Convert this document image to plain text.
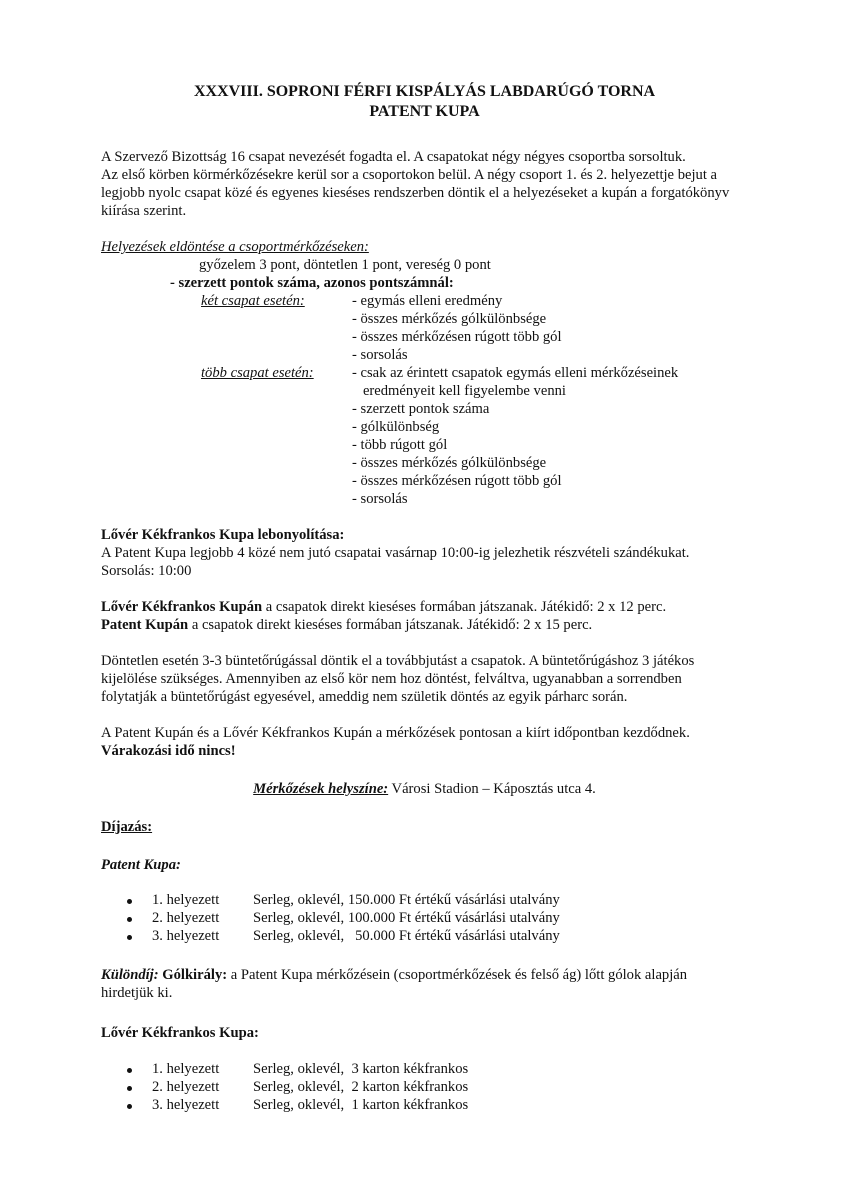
XXXVIII. SOPRONI FÉRFI KISPÁLYÁS LABDARÚGÓ TORNA
PATENT KUPA
A Szervező Bizottság 16 csapat nevezését fogadta el. A csapatokat négy négyes csoportba sorsoltuk.
Az első körben körmérkőzésekre kerül sor a csoportokon belül. A négy csoport 1. és 2. helyezettje bejut a
legjobb nyolc csapat közé és egyenes kieséses rendszerben döntik el a helyezéseket a kupán a forgatókönyv
kiírása szerint.
Helyezések eldöntése a csoportmérkőzéseken:
győzelem 3 pont, döntetlen 1 pont, vereség 0 pont
- szerzett pontok száma, azonos pontszámnál:
két csapat esetén:	- egymás elleni eredmény
- összes mérkőzés gólkülönbsége
- összes mérkőzésen rúgott több gól
- sorsolás
több csapat esetén:	- csak az érintett csapatok egymás elleni mérkőzéseinek
eredményeit kell figyelembe venni
- szerzett pontok száma
- gólkülönbség
- több rúgott gól
- összes mérkőzés gólkülönbsége
- összes mérkőzésen rúgott több gól
- sorsolás
Lővér Kékfrankos Kupa lebonyolítása:
A Patent Kupa legjobb 4 közé nem jutó csapatai vasárnap 10:00-ig jelezhetik részvételi szándékukat.
Sorsolás: 10:00
Lővér Kékfrankos Kupán a csapatok direkt kieséses formában játszanak. Játékidő: 2 x 12 perc.
Patent Kupán a csapatok direkt kieséses formában játszanak. Játékidő: 2 x 15 perc.
Döntetlen esetén 3-3 büntetőrúgással döntik el a továbbjutást a csapatok. A büntetőrúgáshoz 3 játékos
kijelölése szükséges. Amennyiben az első kör nem hoz döntést, felváltva, ugyanabban a sorrendben
folytatják a büntetőrúgást egyesével, ameddig nem születik döntés az egyik párharc során.
A Patent Kupán és a Lővér Kékfrankos Kupán a mérkőzések pontosan a kiírt időpontban kezdődnek.
Várakozási idő nincs!
Mérkőzések helyszíne: Városi Stadion – Káposztás utca 4.
Díjazás:
Patent Kupa:
1. helyezett Serleg, oklevél, 150.000 Ft értékű vásárlási utalvány
2. helyezett Serleg, oklevél, 100.000 Ft értékű vásárlási utalvány
3. helyezett Serleg, oklevél,   50.000 Ft értékű vásárlási utalvány
Különdíj: Gólkirály: a Patent Kupa mérkőzésein (csoportmérkőzések és felső ág) lőtt gólok alapján
hirdetjük ki.
Lővér Kékfrankos Kupa:
1. helyezett Serleg, oklevél,  3 karton kékfrankos
2. helyezett Serleg, oklevél,  2 karton kékfrankos
3. helyezett Serleg, oklevél,  1 karton kékfrankos
